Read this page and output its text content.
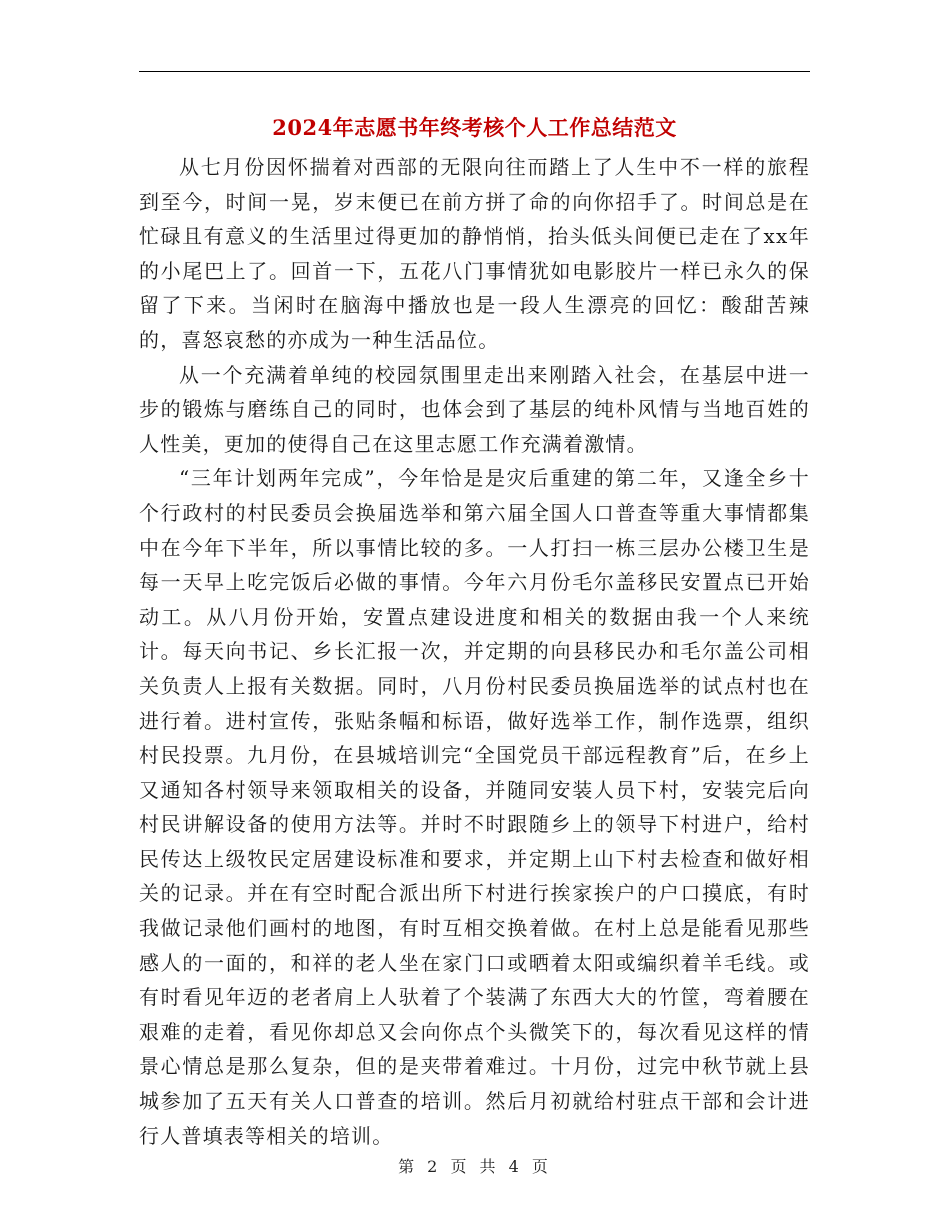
2024年志愿书年终考核个人工作总结范文

从七月份因怀揣着对西部的无限向往而踏上了人生中不一样的旅程到至今，时间一晃，岁末便已在前方拼了命的向你招手了。时间总是在忙碌且有意义的生活里过得更加的静悄悄，抬头低头间便已走在了xx年的小尾巴上了。回首一下，五花八门事情犹如电影胶片一样已永久的保留了下来。当闲时在脑海中播放也是一段人生漂亮的回忆：酸甜苦辣的，喜怒哀愁的亦成为一种生活品位。

从一个充满着单纯的校园氛围里走出来刚踏入社会，在基层中进一步的锻炼与磨练自己的同时，也体会到了基层的纯朴风情与当地百姓的人性美，更加的使得自己在这里志愿工作充满着激情。

“三年计划两年完成”，今年恰是是灾后重建的第二年，又逢全乡十个行政村的村民委员会换届选举和第六届全国人口普查等重大事情都集中在今年下半年，所以事情比较的多。一人打扫一栋三层办公楼卫生是每一天早上吃完饭后必做的事情。今年六月份毛尔盖移民安置点已开始动工。从八月份开始，安置点建设进度和相关的数据由我一个人来统计。每天向书记、乡长汇报一次，并定期的向县移民办和毛尔盖公司相关负责人上报有关数据。同时，八月份村民委员换届选举的试点村也在进行着。进村宣传，张贴条幅和标语，做好选举工作，制作选票，组织村民投票。九月份，在县城培训完“全国党员干部远程教育”后，在乡上又通知各村领导来领取相关的设备，并随同安装人员下村，安装完后向村民讲解设备的使用方法等。并时不时跟随乡上的领导下村进户，给村民传达上级牧民定居建设标准和要求，并定期上山下村去检查和做好相关的记录。并在有空时配合派出所下村进行挨家挨户的户口摸底，有时我做记录他们画村的地图，有时互相交换着做。在村上总是能看见那些感人的一面的，和祥的老人坐在家门口或晒着太阳或编织着羊毛线。或有时看见年迈的老者肩上人驮着了个装满了东西大大的竹筐，弯着腰在艰难的走着，看见你却总又会向你点个头微笑下的，每次看见这样的情景心情总是那么复杂，但的是夹带着难过。十月份，过完中秋节就上县城参加了五天有关人口普查的培训。然后月初就给村驻点干部和会计进行人普填表等相关的培训。

第 2 页 共 4 页
